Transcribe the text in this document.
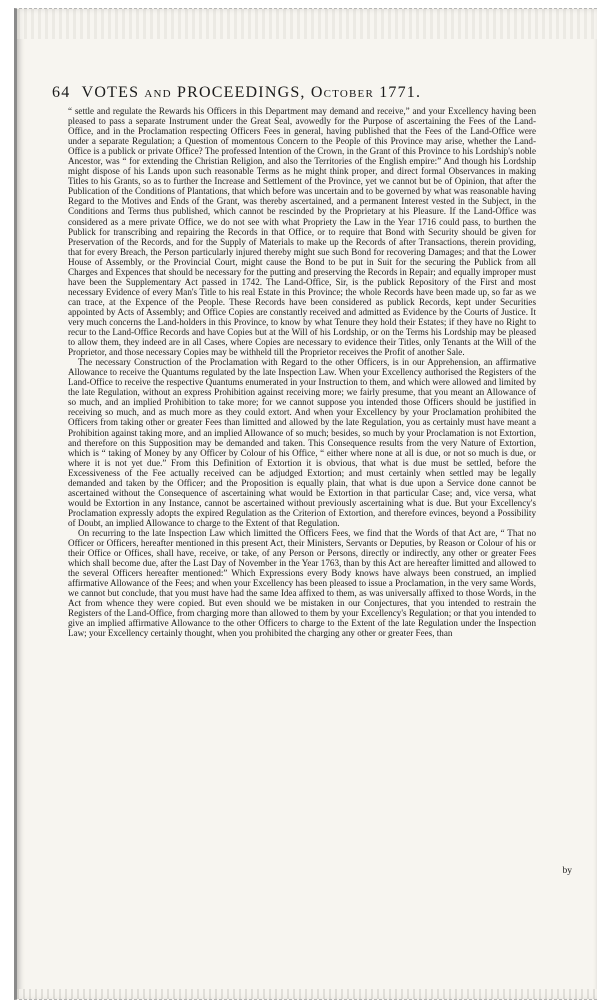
64 VOTES and PROCEEDINGS, October 1771.

“ settle and regulate the Rewards his Officers in this Department may demand and receive,” and your Excellency having been pleased to pass a separate Instrument under the Great Seal, avowedly for the Purpose of ascertaining the Fees of the Land-Office, and in the Proclamation respecting Officers Fees in general, having published that the Fees of the Land-Office were under a separate Regulation; a Question of momentous Concern to the People of this Province may arise, whether the Land-Office is a publick or private Office? The professed Intention of the Crown, in the Grant of this Province to his Lordship's noble Ancestor, was “ for extending the Christian Religion, and also the Territories of the English empire:” And though his Lordship might dispose of his Lands upon such reasonable Terms as he might think proper, and direct formal Observances in making Titles to his Grants, so as to further the Increase and Settlement of the Province, yet we cannot but be of Opinion, that after the Publication of the Conditions of Plantations, that which before was uncertain and to be governed by what was reasonable having Regard to the Motives and Ends of the Grant, was thereby ascertained, and a permanent Interest vested in the Subject, in the Conditions and Terms thus published, which cannot be rescinded by the Proprietary at his Pleasure. If the Land-Office was considered as a mere private Office, we do not see with what Propriety the Law in the Year 1716 could pass, to burthen the Publick for transcribing and repairing the Records in that Office, or to require that Bond with Security should be given for Preservation of the Records, and for the Supply of Materials to make up the Records of after Transactions, therein providing, that for every Breach, the Person particularly injured thereby might sue such Bond for recovering Damages; and that the Lower House of Assembly, or the Provincial Court, might cause the Bond to be put in Suit for the securing the Publick from all Charges and Expences that should be necessary for the putting and preserving the Records in Repair; and equally improper must have been the Supplementary Act passed in 1742. The Land-Office, Sir, is the publick Repository of the First and most necessary Evidence of every Man's Title to his real Estate in this Province; the whole Records have been made up, so far as we can trace, at the Expence of the People. These Records have been considered as publick Records, kept under Securities appointed by Acts of Assembly; and Office Copies are constantly received and admitted as Evidence by the Courts of Justice. It very much concerns the Land-holders in this Province, to know by what Tenure they hold their Estates; if they have no Right to recur to the Land-Office Records and have Copies but at the Will of his Lordship, or on the Terms his Lordship may be pleased to allow them, they indeed are in all Cases, where Copies are necessary to evidence their Titles, only Tenants at the Will of the Proprietor, and those necessary Copies may be withheld till the Proprietor receives the Profit of another Sale.

The necessary Construction of the Proclamation with Regard to the other Officers, is in our Apprehension, an affirmative Allowance to receive the Quantums regulated by the late Inspection Law. When your Excellency authorised the Registers of the Land-Office to receive the respective Quantums enumerated in your Instruction to them, and which were allowed and limited by the late Regulation, without an express Prohibition against receiving more; we fairly presume, that you meant an Allowance of so much, and an implied Prohibition to take more; for we cannot suppose you intended those Officers should be justified in receiving so much, and as much more as they could extort. And when your Excellency by your Proclamation prohibited the Officers from taking other or greater Fees than limitted and allowed by the late Regulation, you as certainly must have meant a Prohibition against taking more, and an implied Allowance of so much; besides, so much by your Proclamation is not Extortion, and therefore on this Supposition may be demanded and taken. This Consequence results from the very Nature of Extortion, which is “ taking of Money by any Officer by Colour of his Office, “ either where none at all is due, or not so much is due, or where it is not yet due.” From this Definition of Extortion it is obvious, that what is due must be settled, before the Excessiveness of the Fee actually received can be adjudged Extortion; and must certainly when settled may be legally demanded and taken by the Officer; and the Proposition is equally plain, that what is due upon a Service done cannot be ascertained without the Consequence of ascertaining what would be Extortion in that particular Case; and, vice versa, what would be Extortion in any Instance, cannot be ascertained without previously ascertaining what is due. But your Excellency's Proclamation expressly adopts the expired Regulation as the Criterion of Extortion, and therefore evinces, beyond a Possibility of Doubt, an implied Allowance to charge to the Extent of that Regulation.

On recurring to the late Inspection Law which limitted the Officers Fees, we find that the Words of that Act are, “ That no Officer or Officers, hereafter mentioned in this present Act, their Ministers, Servants or Deputies, by Reason or Colour of his or their Office or Offices, shall have, receive, or take, of any Person or Persons, directly or indirectly, any other or greater Fees which shall become due, after the Last Day of November in the Year 1763, than by this Act are hereafter limitted and allowed to the several Officers hereafter mentioned:” Which Expressions every Body knows have always been construed, an implied affirmative Allowance of the Fees; and when your Excellency has been pleased to issue a Proclamation, in the very same Words, we cannot but conclude, that you must have had the same Idea affixed to them, as was universally affixed to those Words, in the Act from whence they were copied. But even should we be mistaken in our Conjectures, that you intended to restrain the Registers of the Land-Office, from charging more than allowed to them by your Excellency's Regulation; or that you intended to give an implied affirmative Allowance to the other Officers to charge to the Extent of the late Regulation under the Inspection Law; your Excellency certainly thought, when you prohibited the charging any other or greater Fees, than

by
